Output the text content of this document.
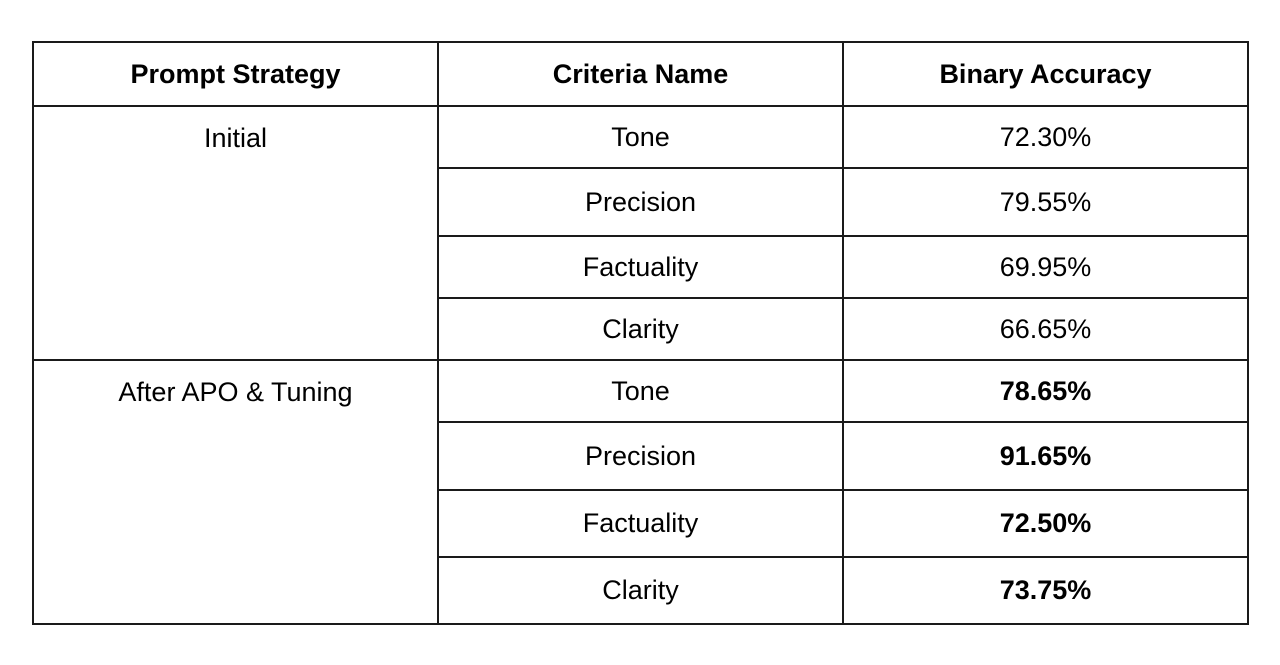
Prompt Strategy	Criteria Name	Binary Accuracy
Initial	Tone	72.30%
	Precision	79.55%
	Factuality	69.95%
	Clarity	66.65%
After APO & Tuning	Tone	78.65%
	Precision	91.65%
	Factuality	72.50%
	Clarity	73.75%
